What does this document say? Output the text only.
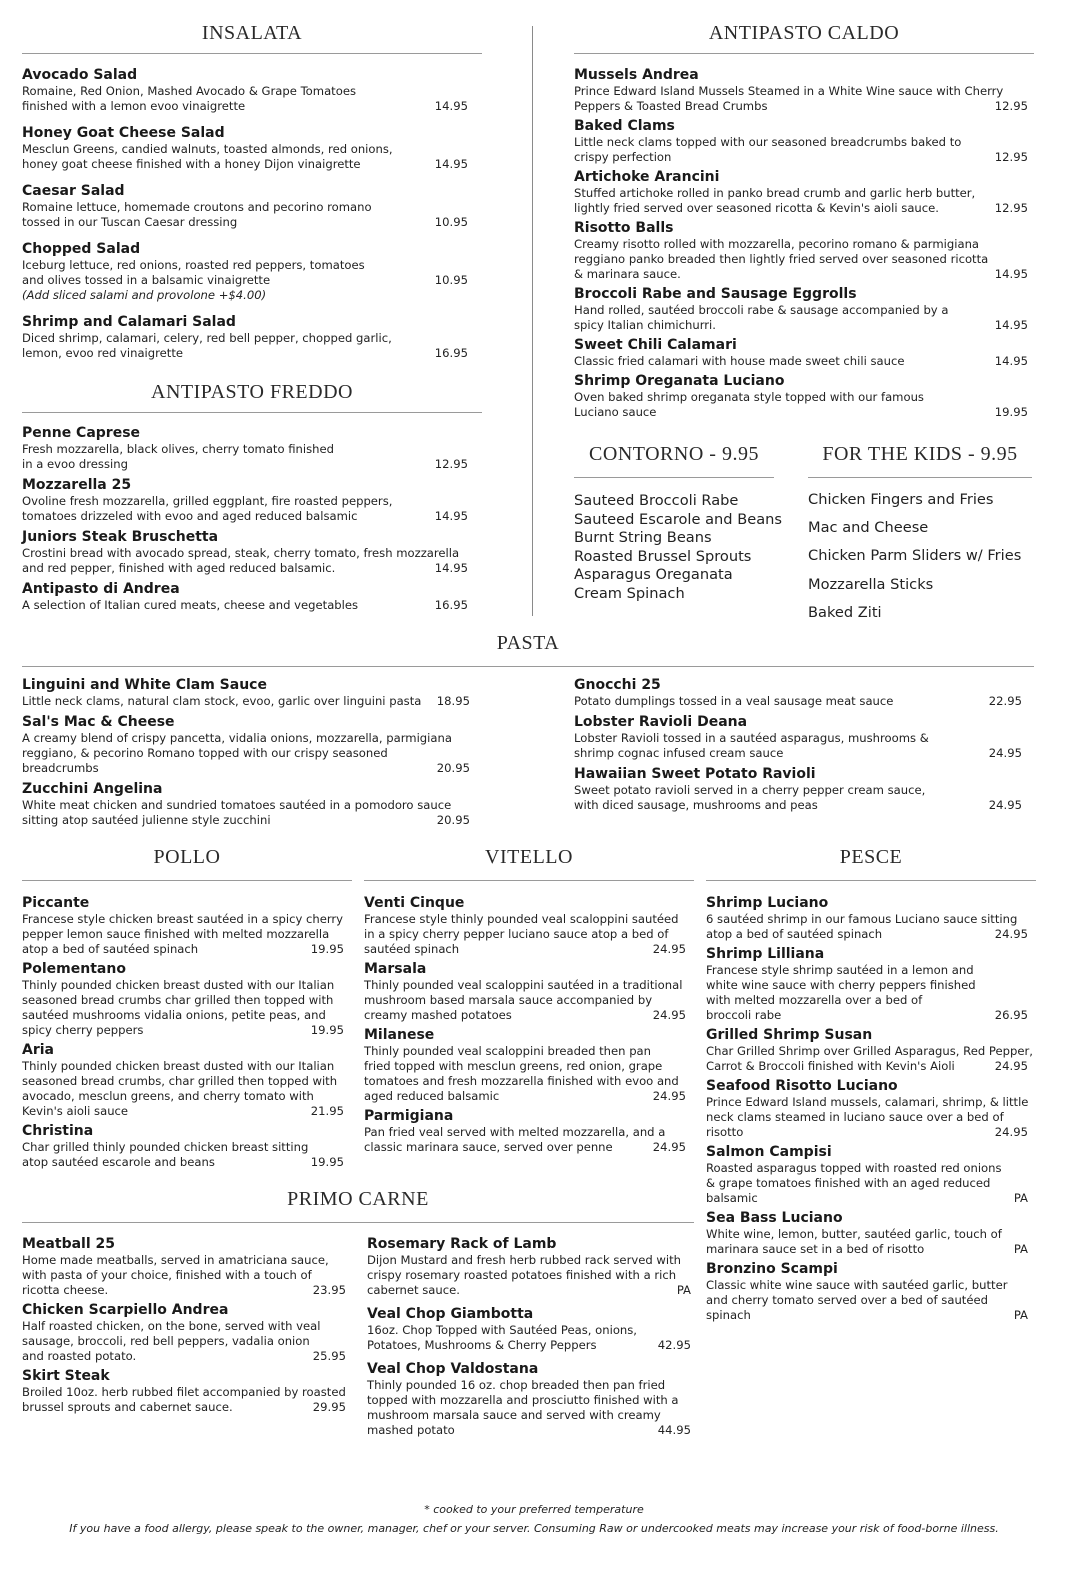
INSALATA
Avocado Salad
Romaine, Red Onion, Mashed Avocado & Grape Tomatoes
finished with a lemon evoo vinaigrette	14.95
Honey Goat Cheese Salad
Mesclun Greens, candied walnuts, toasted almonds, red onions,
honey goat cheese finished with a honey Dijon vinaigrette	14.95
Caesar Salad
Romaine lettuce, homemade croutons and pecorino romano
tossed in our Tuscan Caesar dressing	10.95
Chopped Salad
Iceburg lettuce, red onions, roasted red peppers, tomatoes
and olives tossed in a balsamic vinaigrette
(Add sliced salami and provolone +$4.00)
10.95
Shrimp and Calamari Salad
Diced shrimp, calamari, celery, red bell pepper, chopped garlic,
lemon, evoo red vinaigrette	16.95
ANTIPASTO FREDDO
Penne Caprese
Fresh mozzarella, black olives, cherry tomato finished
in a evoo dressing	12.95
Mozzarella 25
Ovoline fresh mozzarella, grilled eggplant, fire roasted peppers,
tomatoes drizzeled with evoo and aged reduced balsamic	14.95
Juniors Steak Bruschetta
Crostini bread with avocado spread, steak, cherry tomato, fresh mozzarella
and red pepper, finished with aged reduced balsamic.	14.95
Antipasto di Andrea
A selection of Italian cured meats, cheese and vegetables	16.95
ANTIPASTO CALDO
Mussels Andrea
Prince Edward Island Mussels Steamed in a White Wine sauce with Cherry
Peppers & Toasted Bread Crumbs	12.95
Baked Clams
Little neck clams topped with our seasoned breadcrumbs baked to
crispy perfection	12.95
Artichoke Arancini
Stuffed artichoke rolled in panko bread crumb and garlic herb butter,
lightly fried served over seasoned ricotta & Kevin's aioli sauce.	12.95
Risotto Balls
Creamy risotto rolled with mozzarella, pecorino romano & parmigiana
reggiano panko breaded then lightly fried served over seasoned ricotta
& marinara sauce.	14.95
Broccoli Rabe and Sausage Eggrolls
Hand rolled, sautéed broccoli rabe & sausage accompanied by a
spicy Italian chimichurri.	14.95
Sweet Chili Calamari
Classic fried calamari with house made sweet chili sauce	14.95
Shrimp Oreganata Luciano
Oven baked shrimp oreganata style topped with our famous
Luciano sauce	19.95
CONTORNO - 9.95
Sauteed Broccoli Rabe
Sauteed Escarole and Beans
Burnt String Beans
Roasted Brussel Sprouts
Asparagus Oreganata
Cream Spinach
FOR THE KIDS - 9.95
Chicken Fingers and Fries
Mac and Cheese
Chicken Parm Sliders w/ Fries
Mozzarella Sticks
Baked Ziti
PASTA
Linguini and White Clam Sauce
Little neck clams, natural clam stock, evoo, garlic over linguini pasta	18.95
Sal's Mac & Cheese
A creamy blend of crispy pancetta, vidalia onions, mozzarella, parmigiana
reggiano, & pecorino Romano topped with our crispy seasoned
breadcrumbs	20.95
Zucchini Angelina
White meat chicken and sundried tomatoes sautéed in a pomodoro sauce
sitting atop sautéed julienne style zucchini	20.95
Gnocchi 25
Potato dumplings tossed in a veal sausage meat sauce	22.95
Lobster Ravioli Deana
Lobster Ravioli tossed in a sautéed asparagus, mushrooms &
shrimp cognac infused cream sauce	24.95
Hawaiian Sweet Potato Ravioli
Sweet potato ravioli served in a cherry pepper cream sauce,
with diced sausage, mushrooms and peas	24.95
POLLO
Piccante
Francese style chicken breast sautéed in a spicy cherry
pepper lemon sauce finished with melted mozzarella
atop a bed of sautéed spinach	19.95
Polementano
Thinly pounded chicken breast dusted with our Italian
seasoned bread crumbs char grilled then topped with
sautéed mushrooms vidalia onions, petite peas, and
spicy cherry peppers	19.95
Aria
Thinly pounded chicken breast dusted with our Italian
seasoned bread crumbs, char grilled then topped with
avocado, mesclun greens, and cherry tomato with
Kevin's aioli sauce	21.95
Christina
Char grilled thinly pounded chicken breast sitting
atop sautéed escarole and beans	19.95
VITELLO
Venti Cinque
Francese style thinly pounded veal scaloppini sautéed
in a spicy cherry pepper luciano sauce atop a bed of
sautéed spinach	24.95
Marsala
Thinly pounded veal scaloppini sautéed in a traditional
mushroom based marsala sauce accompanied by
creamy mashed potatoes	24.95
Milanese
Thinly pounded veal scaloppini breaded then pan
fried topped with mesclun greens, red onion, grape
tomatoes and fresh mozzarella finished with evoo and
aged reduced balsamic	24.95
Parmigiana
Pan fried veal served with melted mozzarella, and a
classic marinara sauce, served over penne	24.95
PESCE
Shrimp Luciano
6 sautéed shrimp in our famous Luciano sauce sitting
atop a bed of sautéed spinach	24.95
Shrimp Lilliana
Francese style shrimp sautéed in a lemon and
white wine sauce with cherry peppers finished
with melted mozzarella over a bed of
broccoli rabe	26.95
Grilled Shrimp Susan
Char Grilled Shrimp over Grilled Asparagus, Red Pepper,
Carrot & Broccoli finished with Kevin's Aioli	24.95
Seafood Risotto Luciano
Prince Edward Island mussels, calamari, shrimp, & little
neck clams steamed in luciano sauce over a bed of
risotto	24.95
Salmon Campisi
Roasted asparagus topped with roasted red onions
& grape tomatoes finished with an aged reduced
balsamic	PA
Sea Bass Luciano
White wine, lemon, butter, sautéed garlic, touch of
marinara sauce set in a bed of risotto	PA
Bronzino Scampi
Classic white wine sauce with sautéed garlic, butter
and cherry tomato served over a bed of sautéed
spinach	PA
PRIMO CARNE
Meatball 25
Home made meatballs, served in amatriciana sauce,
with pasta of your choice, finished with a touch of
ricotta cheese.	23.95
Chicken Scarpiello Andrea
Half roasted chicken, on the bone, served with veal
sausage, broccoli, red bell peppers, vadalia onion
and roasted potato.	25.95
Skirt Steak
Broiled 10oz. herb rubbed filet accompanied by roasted
brussel sprouts and cabernet sauce.	29.95
Rosemary Rack of Lamb
Dijon Mustard and fresh herb rubbed rack served with
crispy rosemary roasted potatoes finished with a rich
cabernet sauce.	PA
Veal Chop Giambotta
16oz. Chop Topped with Sautéed Peas, onions,
Potatoes, Mushrooms & Cherry Peppers	42.95
Veal Chop Valdostana
Thinly pounded 16 oz. chop breaded then pan fried
topped with mozzarella and prosciutto finished with a
mushroom marsala sauce and served with creamy
mashed potato	44.95
* cooked to your preferred temperature
If you have a food allergy, please speak to the owner, manager, chef or your server. Consuming Raw or undercooked meats may increase your risk of food-borne illness.
